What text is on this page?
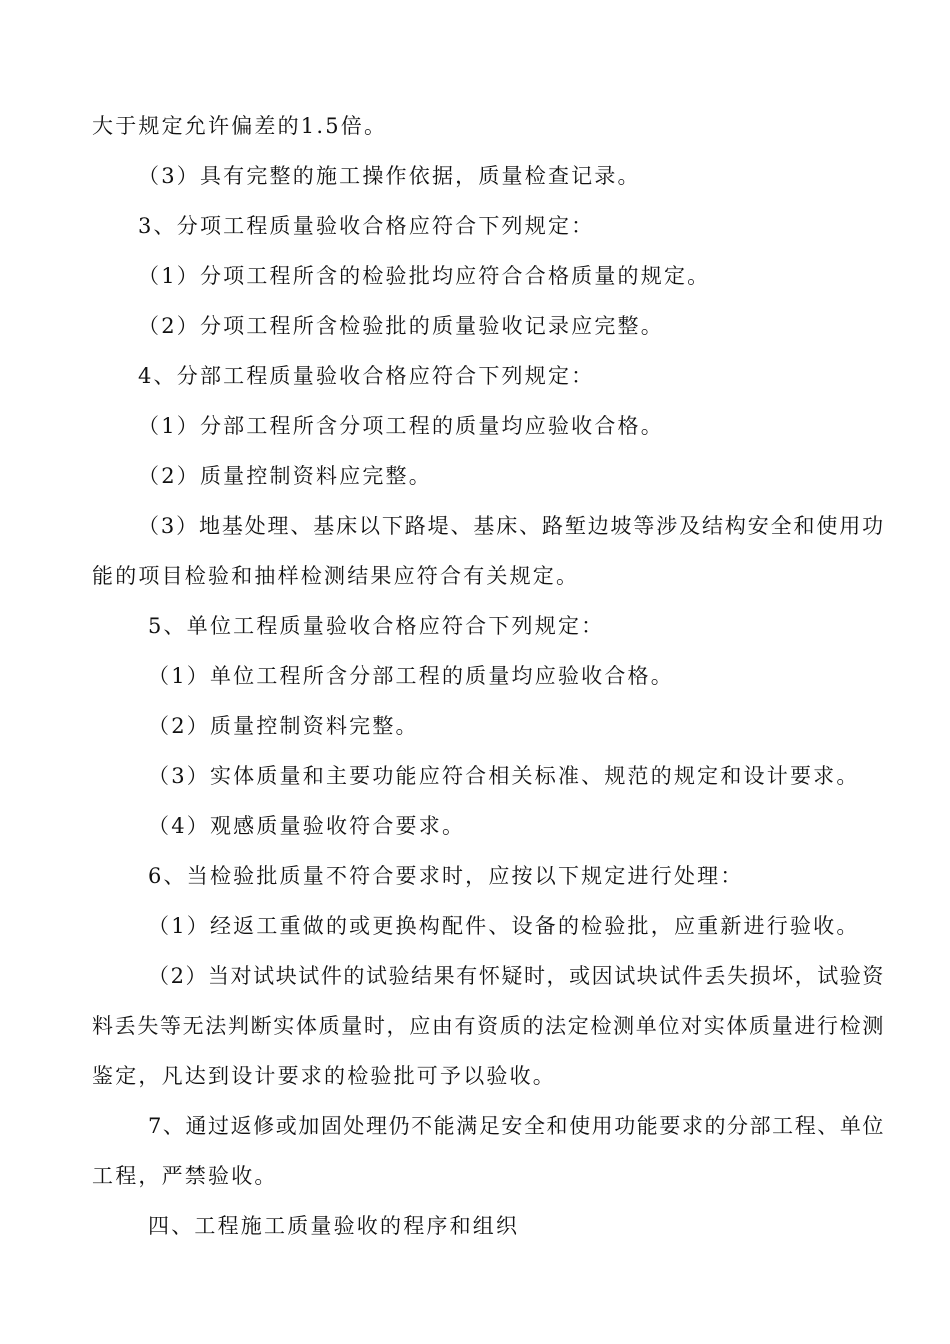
大于规定允许偏差的1.5倍。
（3）具有完整的施工操作依据，质量检查记录。
3、分项工程质量验收合格应符合下列规定：
（1）分项工程所含的检验批均应符合合格质量的规定。
（2）分项工程所含检验批的质量验收记录应完整。
4、分部工程质量验收合格应符合下列规定：
（1）分部工程所含分项工程的质量均应验收合格。
（2）质量控制资料应完整。
（3）地基处理、基床以下路堤、基床、路堑边坡等涉及结构安全和使用功
能的项目检验和抽样检测结果应符合有关规定。
5、单位工程质量验收合格应符合下列规定：
（1）单位工程所含分部工程的质量均应验收合格。
（2）质量控制资料完整。
（3）实体质量和主要功能应符合相关标准、规范的规定和设计要求。
（4）观感质量验收符合要求。
6、当检验批质量不符合要求时，应按以下规定进行处理：
（1）经返工重做的或更换构配件、设备的检验批，应重新进行验收。
（2）当对试块试件的试验结果有怀疑时，或因试块试件丢失损坏，试验资
料丢失等无法判断实体质量时，应由有资质的法定检测单位对实体质量进行检测
鉴定，凡达到设计要求的检验批可予以验收。
7、通过返修或加固处理仍不能满足安全和使用功能要求的分部工程、单位
工程，严禁验收。
四、工程施工质量验收的程序和组织
